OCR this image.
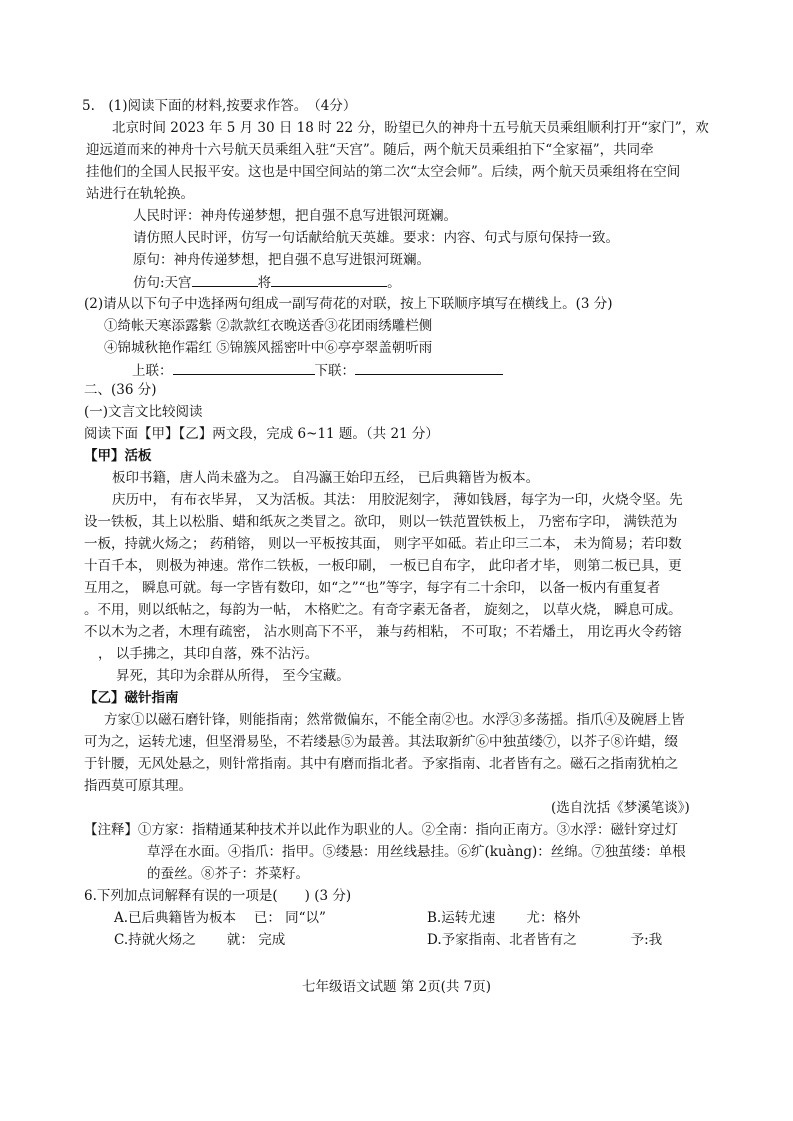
5.　(1)阅读下面的材料,按要求作答。　（4分）
北京时间 2023 年 5 月 30 日 18 时 22 分，盼望已久的神舟十五号航天员乘组顺利打开“家门”，欢
迎远道而来的神舟十六号航天员乘组入驻“天宫”。随后，两个航天员乘组拍下“全家福”，共同牵
挂他们的全国人民报平安。这也是中国空间站的第二次“太空会师”。后续，两个航天员乘组将在空间
站进行在轨轮换。
人民时评：神舟传递梦想，把自强不息写进银河斑斓。
请仿照人民时评，仿写一句话献给航天英雄。要求：内容、句式与原句保持一致。
原句：神舟传递梦想，把自强不息写进银河斑斓。
仿句:天宫	将	。
(2)请从以下句子中选择两句组成一副写荷花的对联，按上下联顺序填写在横线上。(3 分)
①绮帐天寒添露紫 ②款款红衣晚送香③花团雨绣雕栏侧
④锦城秋艳作霜红 ⑤锦簇风摇密叶中⑥亭亭翠盖朝听雨
上联：	下联：
二、(36 分)
(一)文言文比较阅读
阅读下面【甲】【乙】两文段，完成 6~11 题。（共 21 分）
【甲】活板
板印书籍，唐人尚未盛为之。 自冯瀛王始印五经， 已后典籍皆为板本。
庆历中， 有布衣毕昇， 又为活板。其法： 用胶泥刻字， 薄如钱唇，每字为一印，火烧令坚。先
设一铁板，其上以松脂、蜡和纸灰之类冒之。欲印， 则以一铁范置铁板上， 乃密布字印， 满铁范为
一板，持就火炀之； 药稍镕， 则以一平板按其面， 则字平如砥。若止印三二本， 未为简易；若印数
十百千本， 则极为神速。常作二铁板，一板印刷， 一板已自布字， 此印者才毕， 则第二板已具，更
互用之， 瞬息可就。每一字皆有数印，如“之”“也”等字，每字有二十余印， 以备一板内有重复者
。不用，则以纸帖之，每韵为一帖， 木格贮之。有奇字素无备者， 旋刻之， 以草火烧， 瞬息可成。
不以木为之者，木理有疏密， 沾水则高下不平， 兼与药相粘， 不可取；不若燔土， 用讫再火令药镕
， 以手拂之，其印自落，殊不沾污。
昇死，其印为余群从所得， 至今宝藏。
【乙】磁针指南
方家①以磁石磨针锋，则能指南；然常微偏东，不能全南②也。水浮③多荡摇。指爪④及碗唇上皆
可为之，运转尤速，但坚滑易坠，不若缕悬⑤为最善。其法取新纩⑥中独茧缕⑦，以芥子⑧许蜡，缀
于针腰，无风处悬之，则针常指南。其中有磨而指北者。予家指南、北者皆有之。磁石之指南犹柏之
指西莫可原其理。
(选自沈括《梦溪笔谈》)
【注释】①方家：指精通某种技术并以此作为职业的人。②全南：指向正南方。③水浮：磁针穿过灯
草浮在水面。④指爪：指甲。⑤缕悬：用丝线悬挂。⑥纩(kuàng)：丝绵。⑦独茧缕：单根
的蚕丝。⑧芥子：芥菜籽。
6.下列加点词解释有误的一项是(　　) (3 分)
A.已后典籍皆为板本　 已： 同“以”	B.运转尤速　　 尤：格外
C.持就火炀之　　 就： 完成	D.予家指南、北者皆有之　　　　予:我
七年级语文试题 第 2页(共 7页)
